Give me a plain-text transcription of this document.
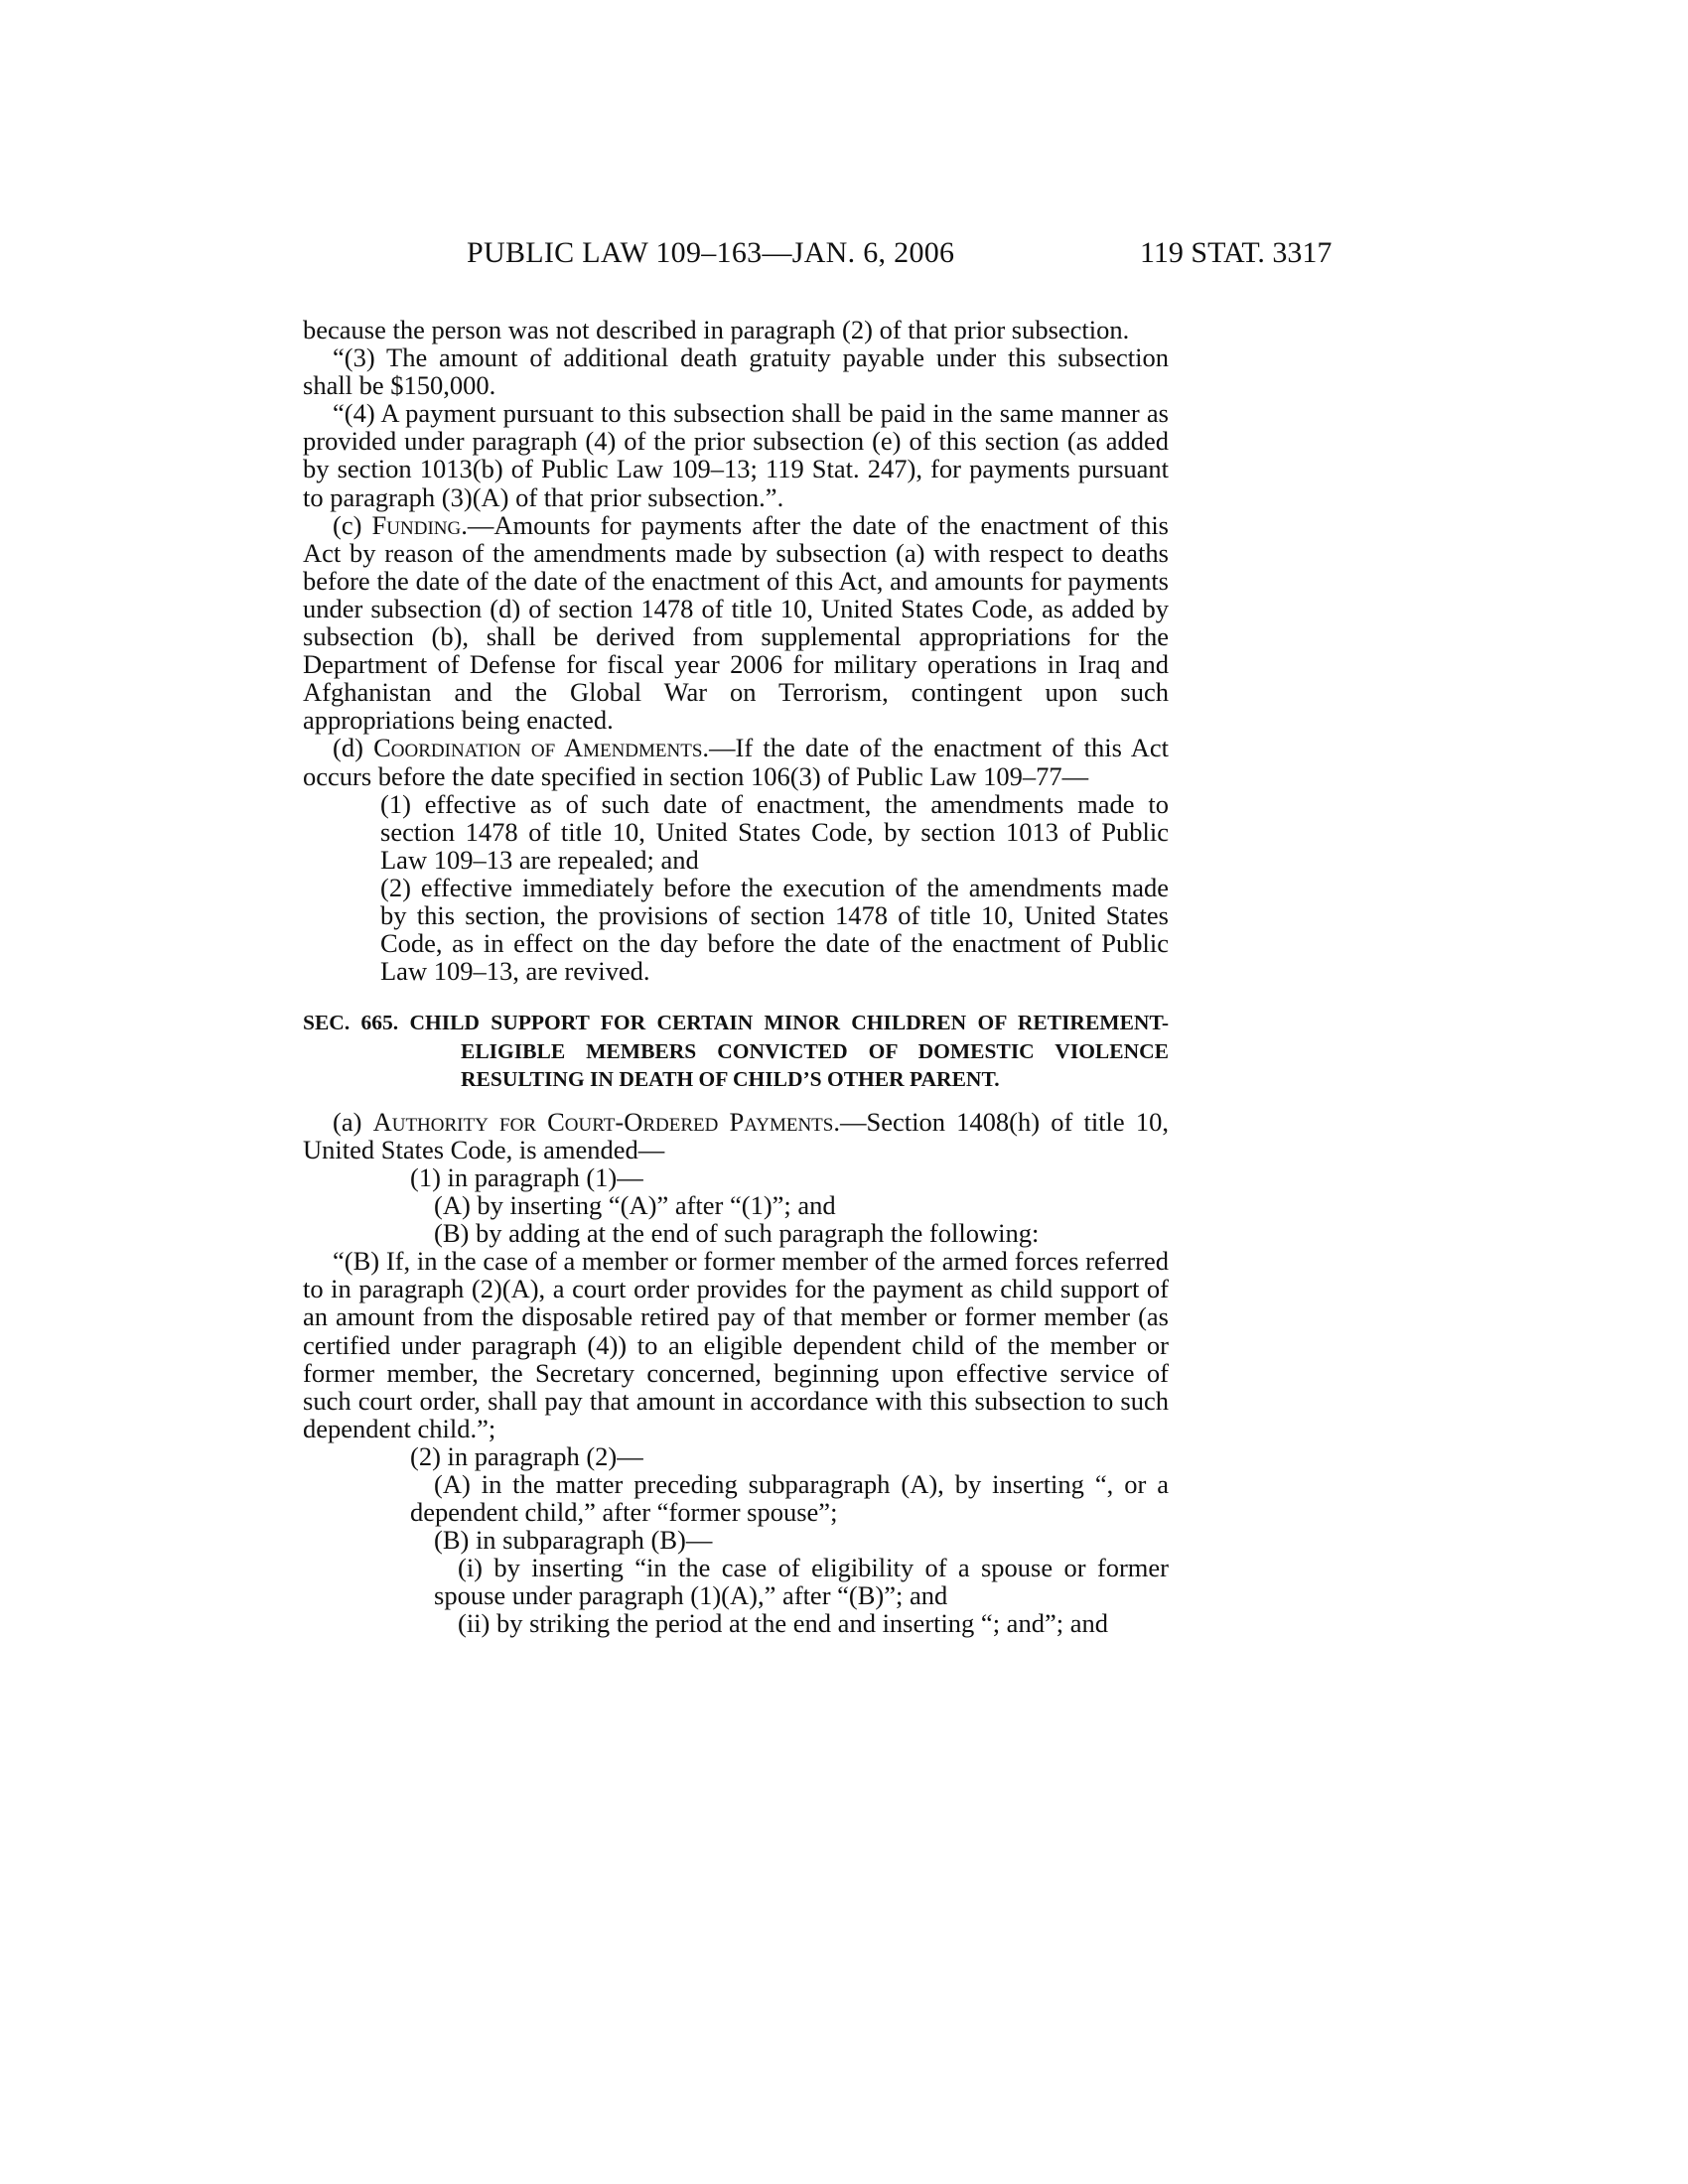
PUBLIC LAW 109–163—JAN. 6, 2006	119 STAT. 3317

because the person was not described in paragraph (2) of that prior subsection.

“(3) The amount of additional death gratuity payable under this subsection shall be $150,000.

“(4) A payment pursuant to this subsection shall be paid in the same manner as provided under paragraph (4) of the prior subsection (e) of this section (as added by section 1013(b) of Public Law 109–13; 119 Stat. 247), for payments pursuant to paragraph (3)(A) of that prior subsection.”.

(c) Funding.—Amounts for payments after the date of the enactment of this Act by reason of the amendments made by subsection (a) with respect to deaths before the date of the date of the enactment of this Act, and amounts for payments under subsection (d) of section 1478 of title 10, United States Code, as added by subsection (b), shall be derived from supplemental appropriations for the Department of Defense for fiscal year 2006 for military operations in Iraq and Afghanistan and the Global War on Terrorism, contingent upon such appropriations being enacted.

(d) Coordination of Amendments.—If the date of the enactment of this Act occurs before the date specified in section 106(3) of Public Law 109–77—

(1) effective as of such date of enactment, the amendments made to section 1478 of title 10, United States Code, by section 1013 of Public Law 109–13 are repealed; and

(2) effective immediately before the execution of the amendments made by this section, the provisions of section 1478 of title 10, United States Code, as in effect on the day before the date of the enactment of Public Law 109–13, are revived.

SEC. 665. CHILD SUPPORT FOR CERTAIN MINOR CHILDREN OF RETIREMENT-ELIGIBLE MEMBERS CONVICTED OF DOMESTIC VIOLENCE RESULTING IN DEATH OF CHILD’S OTHER PARENT.

(a) Authority for Court-Ordered Payments.—Section 1408(h) of title 10, United States Code, is amended—

(1) in paragraph (1)—

(A) by inserting “(A)” after “(1)”; and

(B) by adding at the end of such paragraph the following:

“(B) If, in the case of a member or former member of the armed forces referred to in paragraph (2)(A), a court order provides for the payment as child support of an amount from the disposable retired pay of that member or former member (as certified under paragraph (4)) to an eligible dependent child of the member or former member, the Secretary concerned, beginning upon effective service of such court order, shall pay that amount in accordance with this subsection to such dependent child.”;

(2) in paragraph (2)—

(A) in the matter preceding subparagraph (A), by inserting “, or a dependent child,” after “former spouse”;

(B) in subparagraph (B)—

(i) by inserting “in the case of eligibility of a spouse or former spouse under paragraph (1)(A),” after “(B)”; and

(ii) by striking the period at the end and inserting “; and”; and
